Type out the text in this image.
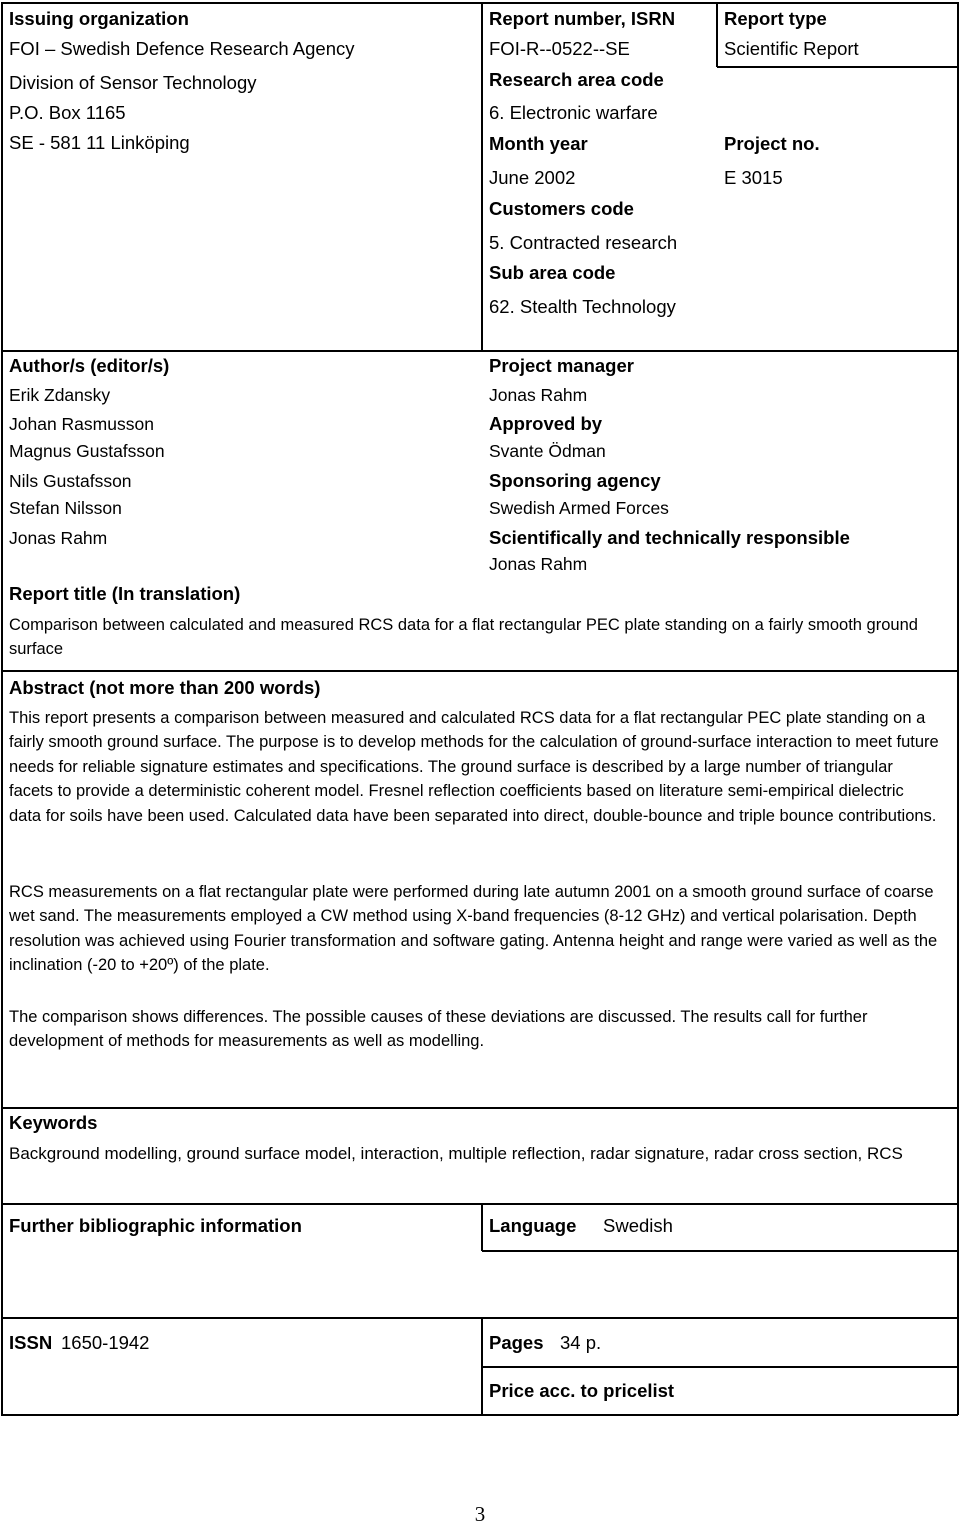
Issuing organization
FOI – Swedish Defence Research Agency
Division of Sensor Technology
P.O. Box 1165
SE - 581 11 Linköping
Report number, ISRN
FOI-R--0522--SE
Research area code
6. Electronic warfare
Month year
June 2002
Customers code
5. Contracted research
Sub area code
62. Stealth Technology
Report type
Scientific Report
Project no.
E 3015
Author/s (editor/s)
Erik Zdansky
Johan Rasmusson
Magnus Gustafsson
Nils Gustafsson
Stefan Nilsson
Jonas Rahm
Project manager
Jonas Rahm
Approved by
Svante Ödman
Sponsoring agency
Swedish Armed Forces
Scientifically and technically responsible
Jonas Rahm
Report title (In translation)
Comparison between calculated and measured RCS data for a flat rectangular PEC plate standing on a fairly smooth ground surface
Abstract (not more than 200 words)
This report presents a comparison between measured and calculated RCS data for a flat rectangular PEC plate standing on a fairly smooth ground surface. The purpose is to develop methods for the calculation of ground-surface interaction to meet future needs for reliable signature estimates and specifications. The ground surface is described by a large number of triangular facets to provide a deterministic coherent model. Fresnel reflection coefficients based on literature semi-empirical dielectric data for soils have been used. Calculated data have been separated into direct, double-bounce and triple bounce contributions.
RCS measurements on a flat rectangular plate were performed during late autumn 2001 on a smooth ground surface of coarse wet sand. The measurements employed a CW method using X-band frequencies (8-12 GHz) and vertical polarisation. Depth resolution was achieved using Fourier transformation and software gating. Antenna height and range were varied as well as the inclination (-20 to +20º) of the plate.
The comparison shows differences. The possible causes of these deviations are discussed. The results call for further development of methods for measurements as well as modelling.
Keywords
Background modelling, ground surface model, interaction, multiple reflection, radar signature, radar cross section, RCS
Further bibliographic information	Language Swedish
ISSN 1650-1942	Pages 34 p.
Price acc. to pricelist
3
